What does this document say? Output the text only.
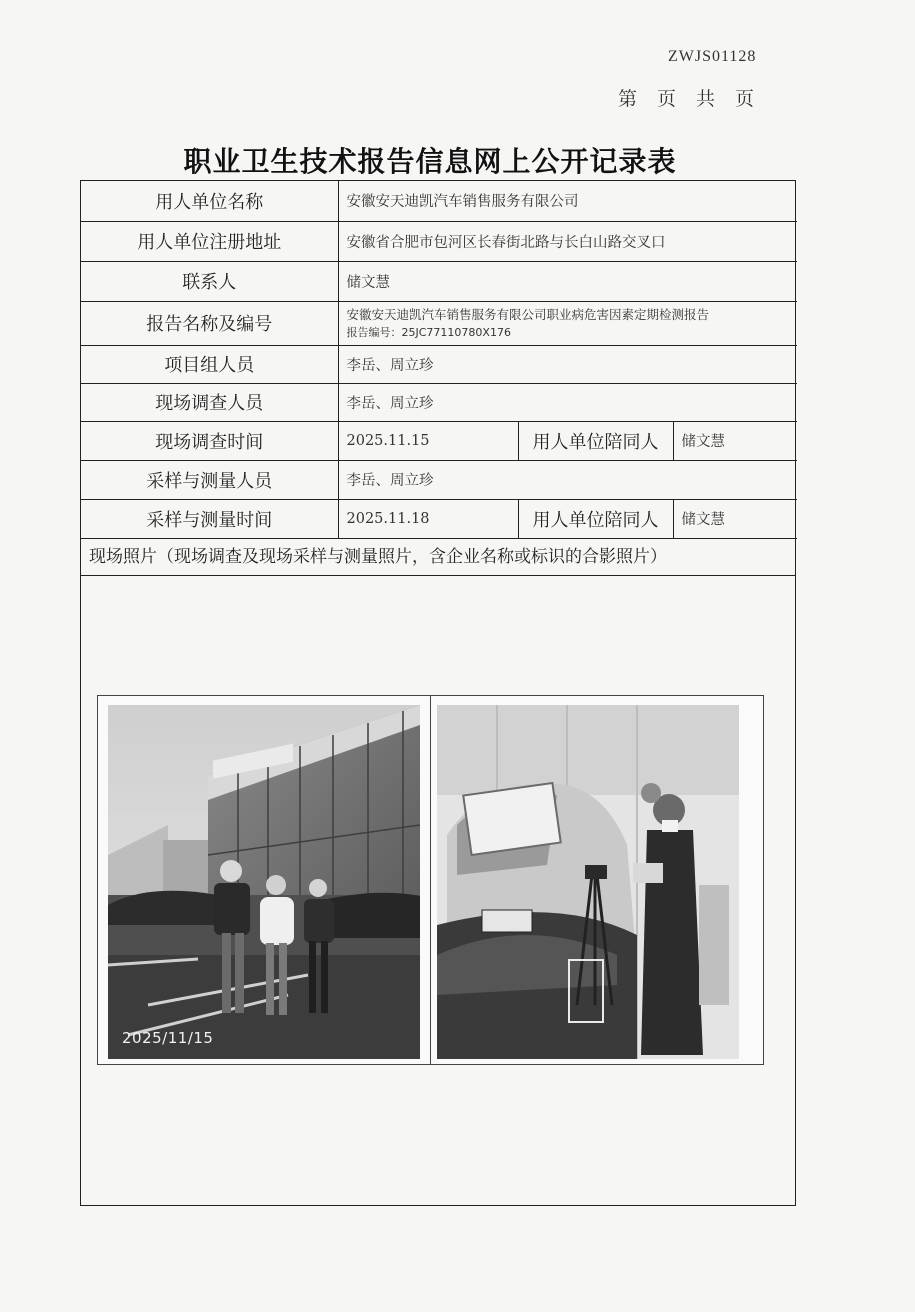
ZWJS01128
第 页 共 页
职业卫生技术报告信息网上公开记录表
用人单位名称	安徽安天迪凯汽车销售服务有限公司		
用人单位注册地址	安徽省合肥市包河区长春街北路与长白山路交叉口		
联系人	储文慧		
报告名称及编号	安徽安天迪凯汽车销售服务有限公司职业病危害因素定期检测报告
报告编号：25JC77110780X176		

项目组人员	李岳、周立珍		
现场调查人员	李岳、周立珍		
现场调查时间	2025.11.15	用人单位陪同人	储文慧
采样与测量人员	李岳、周立珍		
采样与测量时间	2025.11.18	用人单位陪同人	储文慧
现场照片（现场调查及现场采样与测量照片，含企业名称或标识的合影照片）
2025/11/15
